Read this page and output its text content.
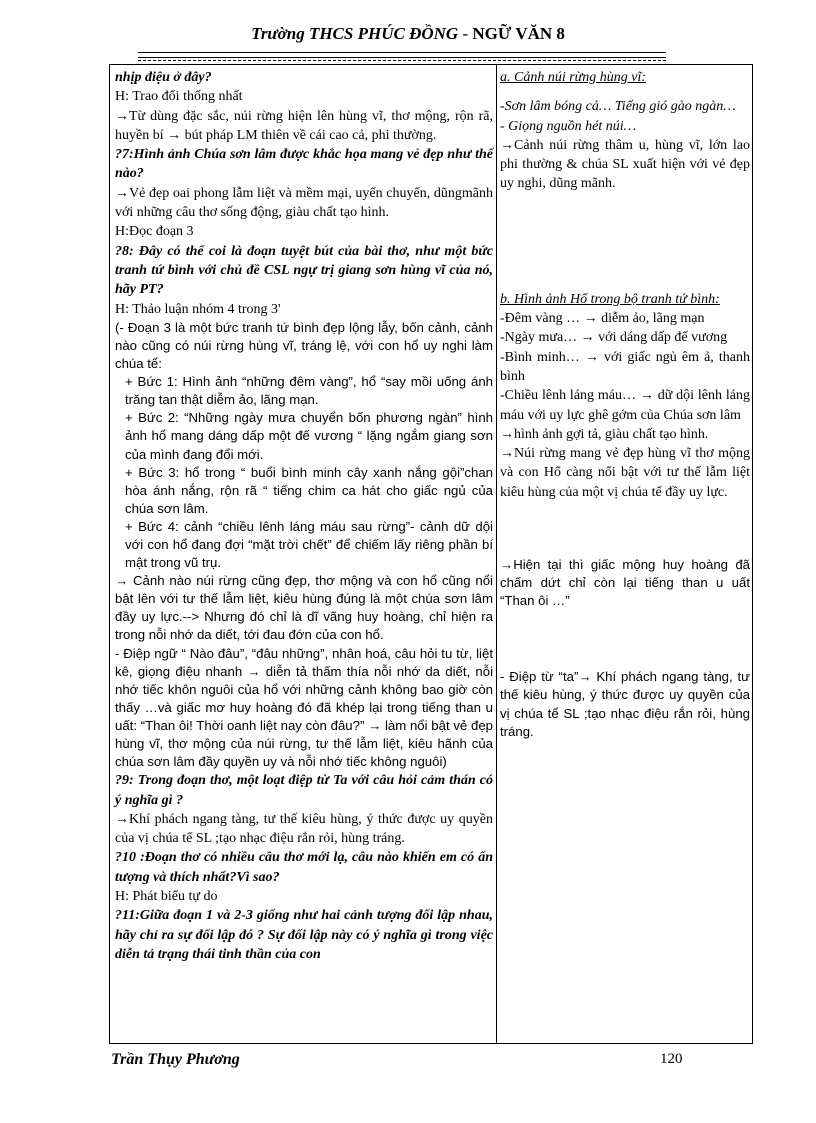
Trường THCS PHÚC ĐỒNG - NGỮ VĂN 8

nhịp điệu ở đây?

H: Trao đổi thống nhất

→Từ dùng đặc sắc, núi rừng hiện lên hùng vĩ, thơ mộng, rộn rã, huyền bí → bút pháp LM thiên về cái cao cả, phi thường.

?7:Hình ảnh Chúa sơn lâm được khắc họa mang vẻ đẹp như thế nào?

→Vẻ đẹp oai phong lẫm liệt và mềm mại, uyển chuyển, dũngmãnh với những câu thơ sống động, giàu chất tạo hình.

H:Đọc đoạn 3

?8: Đây có thể coi là đoạn tuyệt bút của bài thơ, như một bức tranh tứ bình với chủ đề CSL ngự trị giang sơn hùng vĩ của nó, hãy PT?

H: Thảo luận nhóm 4 trong 3'

(- Đoạn 3 là một bức tranh tứ bình đẹp lộng lẫy, bốn cảnh, cảnh nào cũng có núi rừng hùng vĩ, tráng lệ, với con hổ uy nghi làm chúa tể:

+ Bức 1: Hình ảnh “những đêm vàng”, hổ “say mồi uống ánh trăng tan thật diễm ảo, lãng mạn.

+ Bức 2: “Những ngày mưa chuyển bốn phương ngàn” hình ảnh hổ mang dáng dấp một đế vương “ lặng ngắm giang sơn của mình đang đổi mới.

+ Bức 3: hổ trong “ buổi bình minh cây xanh nắng gội”chan hòa ánh nắng, rộn rã “ tiếng chim ca hát cho giấc ngủ của chúa sơn lâm.

+ Bức 4: cảnh “chiều lênh láng máu sau rừng”- cảnh dữ dội với con hổ đang đợi “mặt trời chết” để chiếm lấy riêng phần bí mật trong vũ trụ.

→ Cảnh nào núi rừng cũng đẹp, thơ mộng và con hổ cũng nổi bật lên với tư thế lẫm liệt, kiêu hùng đúng là một chúa sơn lâm đầy uy lực.--> Nhưng đó chỉ là dĩ vãng huy hoàng, chỉ hiện ra trong nỗi nhớ da diết, tới đau đớn của con hổ.

- Điệp ngữ “ Nào đâu”, “đâu những”, nhân hoá, câu hỏi tu từ, liệt kê, giọng điệu nhanh → diễn tả thấm thía nỗi nhớ da diết, nỗi nhớ tiếc khôn nguôi của hổ với những cảnh không bao giờ còn thấy …và giấc mơ huy hoàng đó đã khép lại trong tiếng than u uất: “Than ôi! Thời oanh liệt nay còn đâu?” → làm nổi bật vẻ đẹp hùng vĩ, thơ mộng của núi rừng, tư thế lẫm liệt, kiêu hãnh của chúa sơn lâm đầy quyền uy và nỗi nhớ tiếc không nguôi)

?9: Trong đoạn thơ, một loạt điệp từ Ta với câu hỏi cảm thán có ý nghĩa gì ?

→Khí phách ngang tàng, tư thế kiêu hùng, ý thức được uy quyền của vị chúa tể SL ;tạo nhạc điệu rắn rỏi, hùng tráng.

?10 :Đoạn thơ có nhiều câu thơ mới lạ, câu nào khiến em có ấn tượng và thích nhất?Vì sao?

H: Phát biểu tự do

?11:Giữa đoạn 1 và 2-3 giống như hai cảnh tượng đối lập nhau, hãy chỉ ra sự đối lập đó ? Sự đối lập này có ý nghĩa gì trong việc diễn tả trạng thái tinh thần của con

a. Cảnh núi rừng hùng vĩ:

-Sơn lâm bóng cả… Tiếng gió gào ngàn…

- Giọng nguồn hét núi…

→Cảnh núi rừng thâm u, hùng vĩ, lớn lao phi thường & chúa SL xuất hiện với vẻ đẹp uy nghi, dũng mãnh.

b. Hình ảnh Hổ trong bộ tranh tứ bình:

-Đêm vàng … → diễm ảo, lãng mạn

-Ngày mưa… → với dáng dấp đế vương

-Bình minh… → với giấc ngủ êm ả, thanh bình

-Chiều lênh láng máu… → dữ dội lênh láng máu với uy lực ghê gớm của Chúa sơn lâm

→hình ảnh gợi tả, giàu chất tạo hình.

→Núi rừng mang vẻ đẹp hùng vĩ thơ mộng và con Hổ càng nổi bật với tư thế lẫm liệt kiêu hùng của một vị chúa tể đầy uy lực.

→Hiện tại thì giấc mộng huy hoàng đã chấm dứt chỉ còn lại tiếng than u uất “Than ôi …”

- Điệp từ “ta”→ Khí phách ngang tàng, tư thế kiêu hùng, ý thức được uy quyền của vị chúa tể SL ;tạo nhạc điệu rắn rỏi, hùng tráng.

Trần Thụy Phương	120
